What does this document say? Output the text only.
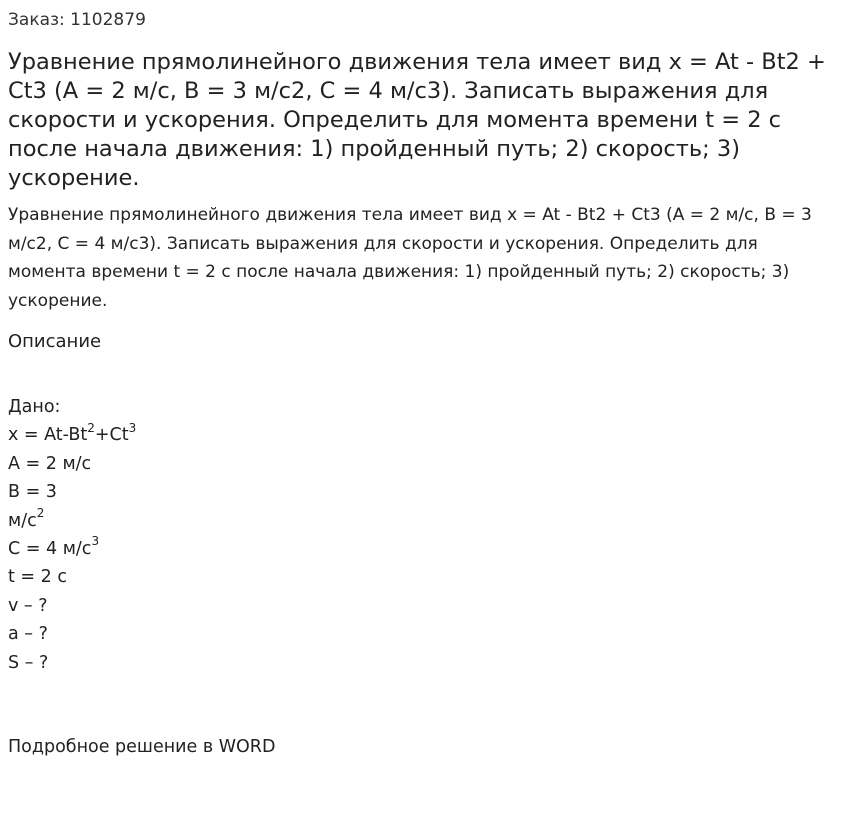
Заказ: 1102879
Уравнение прямолинейного движения тела имеет вид x = At - Bt2 + Ct3 (A = 2 м/с, B = 3 м/с2, C = 4 м/с3). Записать выражения для скорости и ускорения. Определить для момента времени t = 2 с после начала движения: 1) пройденный путь; 2) скорость; 3) ускорение.

Уравнение прямолинейного движения тела имеет вид x = At - Bt2 + Ct3 (A = 2 м/с, B = 3 м/с2, C = 4 м/с3). Записать выражения для скорости и ускорения. Определить для момента времени t = 2 с после начала движения: 1) пройденный путь; 2) скорость; 3) ускорение.

Описание
Дано:
$x = At-Bt^2+Ct^3$
A = 2 м/с
B = 3
$м/с^2$
C = 4 $м/с^3$
t = 2 с
v – ?
a – ?
S – ?
Подробное решение в WORD
